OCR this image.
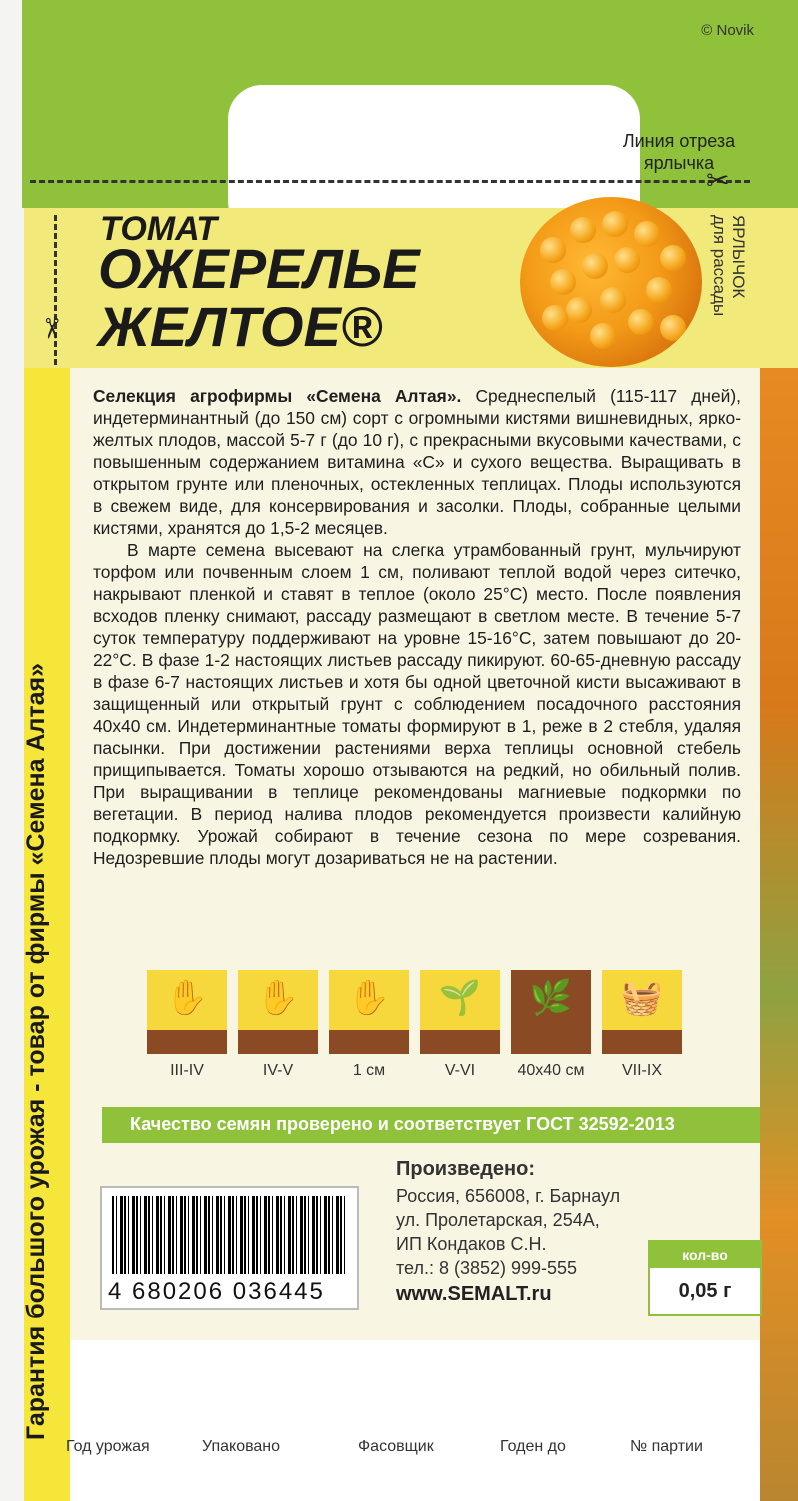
© Novik
Линия отреза ярлычка
✂
✂
ТОМАТ
ОЖЕРЕЛЬЕ
ЖЕЛТОЕ®
ЯРЛЫЧОК
для рассады
Гарантия большого урожая - товар от фирмы «Семена Алтая»

Селекция агрофирмы «Семена Алтая». Среднеспелый (115-117 дней), индетерминантный (до 150 см) сорт с огромными кистями вишневидных, ярко-желтых плодов, массой 5-7 г (до 10 г), с прекрасными вкусовыми качествами, с повышенным содержанием витамина «С» и сухого вещества. Выращивать в открытом грунте или пленочных, остекленных теплицах. Плоды используются в свежем виде, для консервирования и засолки. Плоды, собранные целыми кистями, хранятся до 1,5-2 месяцев.

В марте семена высевают на слегка утрамбованный грунт, мульчируют торфом или почвенным слоем 1 см, поливают теплой водой через ситечко, накрывают пленкой и ставят в теплое (около 25°С) место. После появления всходов пленку снимают, рассаду размещают в светлом месте. В течение 5-7 суток температуру поддерживают на уровне 15-16°С, затем повышают до 20-22°С. В фазе 1-2 настоящих листьев рассаду пикируют. 60-65-дневную рассаду в фазе 6-7 настоящих листьев и хотя бы одной цветочной кисти высаживают в защищенный или открытый грунт с соблюдением посадочного расстояния 40х40 см. Индетерминантные томаты формируют в 1, реже в 2 стебля, удаляя пасынки. При достижении растениями верха теплицы основной стебель прищипывается. Томаты хорошо отзываются на редкий, но обильный полив. При выращивании в теплице рекомендованы магниевые подкормки по вегетации. В период налива плодов рекомендуется произвести калийную подкормку. Урожай собирают в течение сезона по мере созревания. Недозревшие плоды могут дозариваться не на растении.

✋	✋	✋	🌱	🌿	🧺
III-IV	IV-V	1 см	V-VI	40х40 см	VII-IX
Качество семян проверено и соответствует ГОСТ 32592-2013
4 680206 036445
Произведено:
Россия, 656008, г. Барнаул
ул. Пролетарская, 254А,
ИП Кондаков С.Н.
тел.: 8 (3852) 999-555
www.SEMALT.ru
кол-во
0,05 г
Год урожая	Упаковано	Фасовщик	Годен до	№ партии
